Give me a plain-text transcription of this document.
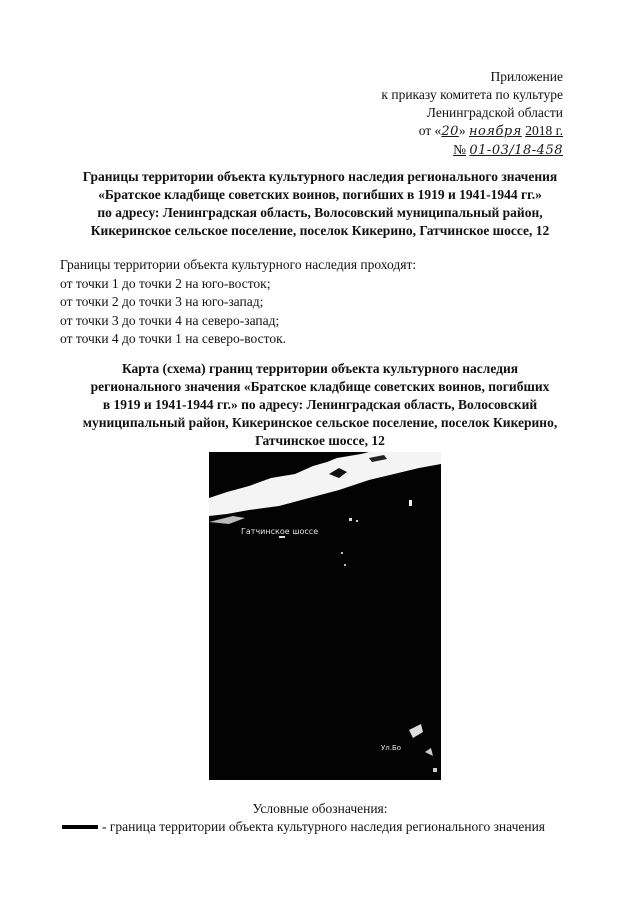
Приложение
к приказу комитета по культуре
Ленинградской области
от «20» ноября 2018 г.
№ 01-03/18-458
Границы территории объекта культурного наследия регионального значения
«Братское кладбище советских воинов, погибших в 1919 и 1941-1944 гг.»
по адресу: Ленинградская область, Волосовский муниципальный район,
Кикеринское сельское поселение, поселок Кикерино, Гатчинское шоссе, 12
Границы территории объекта культурного наследия проходят:
от точки 1 до точки 2 на юго-восток;
от точки 2 до точки 3 на юго-запад;
от точки 3 до точки 4 на северо-запад;
от точки 4 до точки 1 на северо-восток.
Карта (схема) границ территории объекта культурного наследия
регионального значения «Братское кладбище советских воинов, погибших
в 1919 и 1941-1944 гг.» по адресу: Ленинградская область, Волосовский
муниципальный район, Кикеринское сельское поселение, поселок Кикерино,
Гатчинское шоссе, 12
Гатчинское шоссе
Ул.Бо
Условные обозначения:
- граница территории объекта культурного наследия регионального значения
